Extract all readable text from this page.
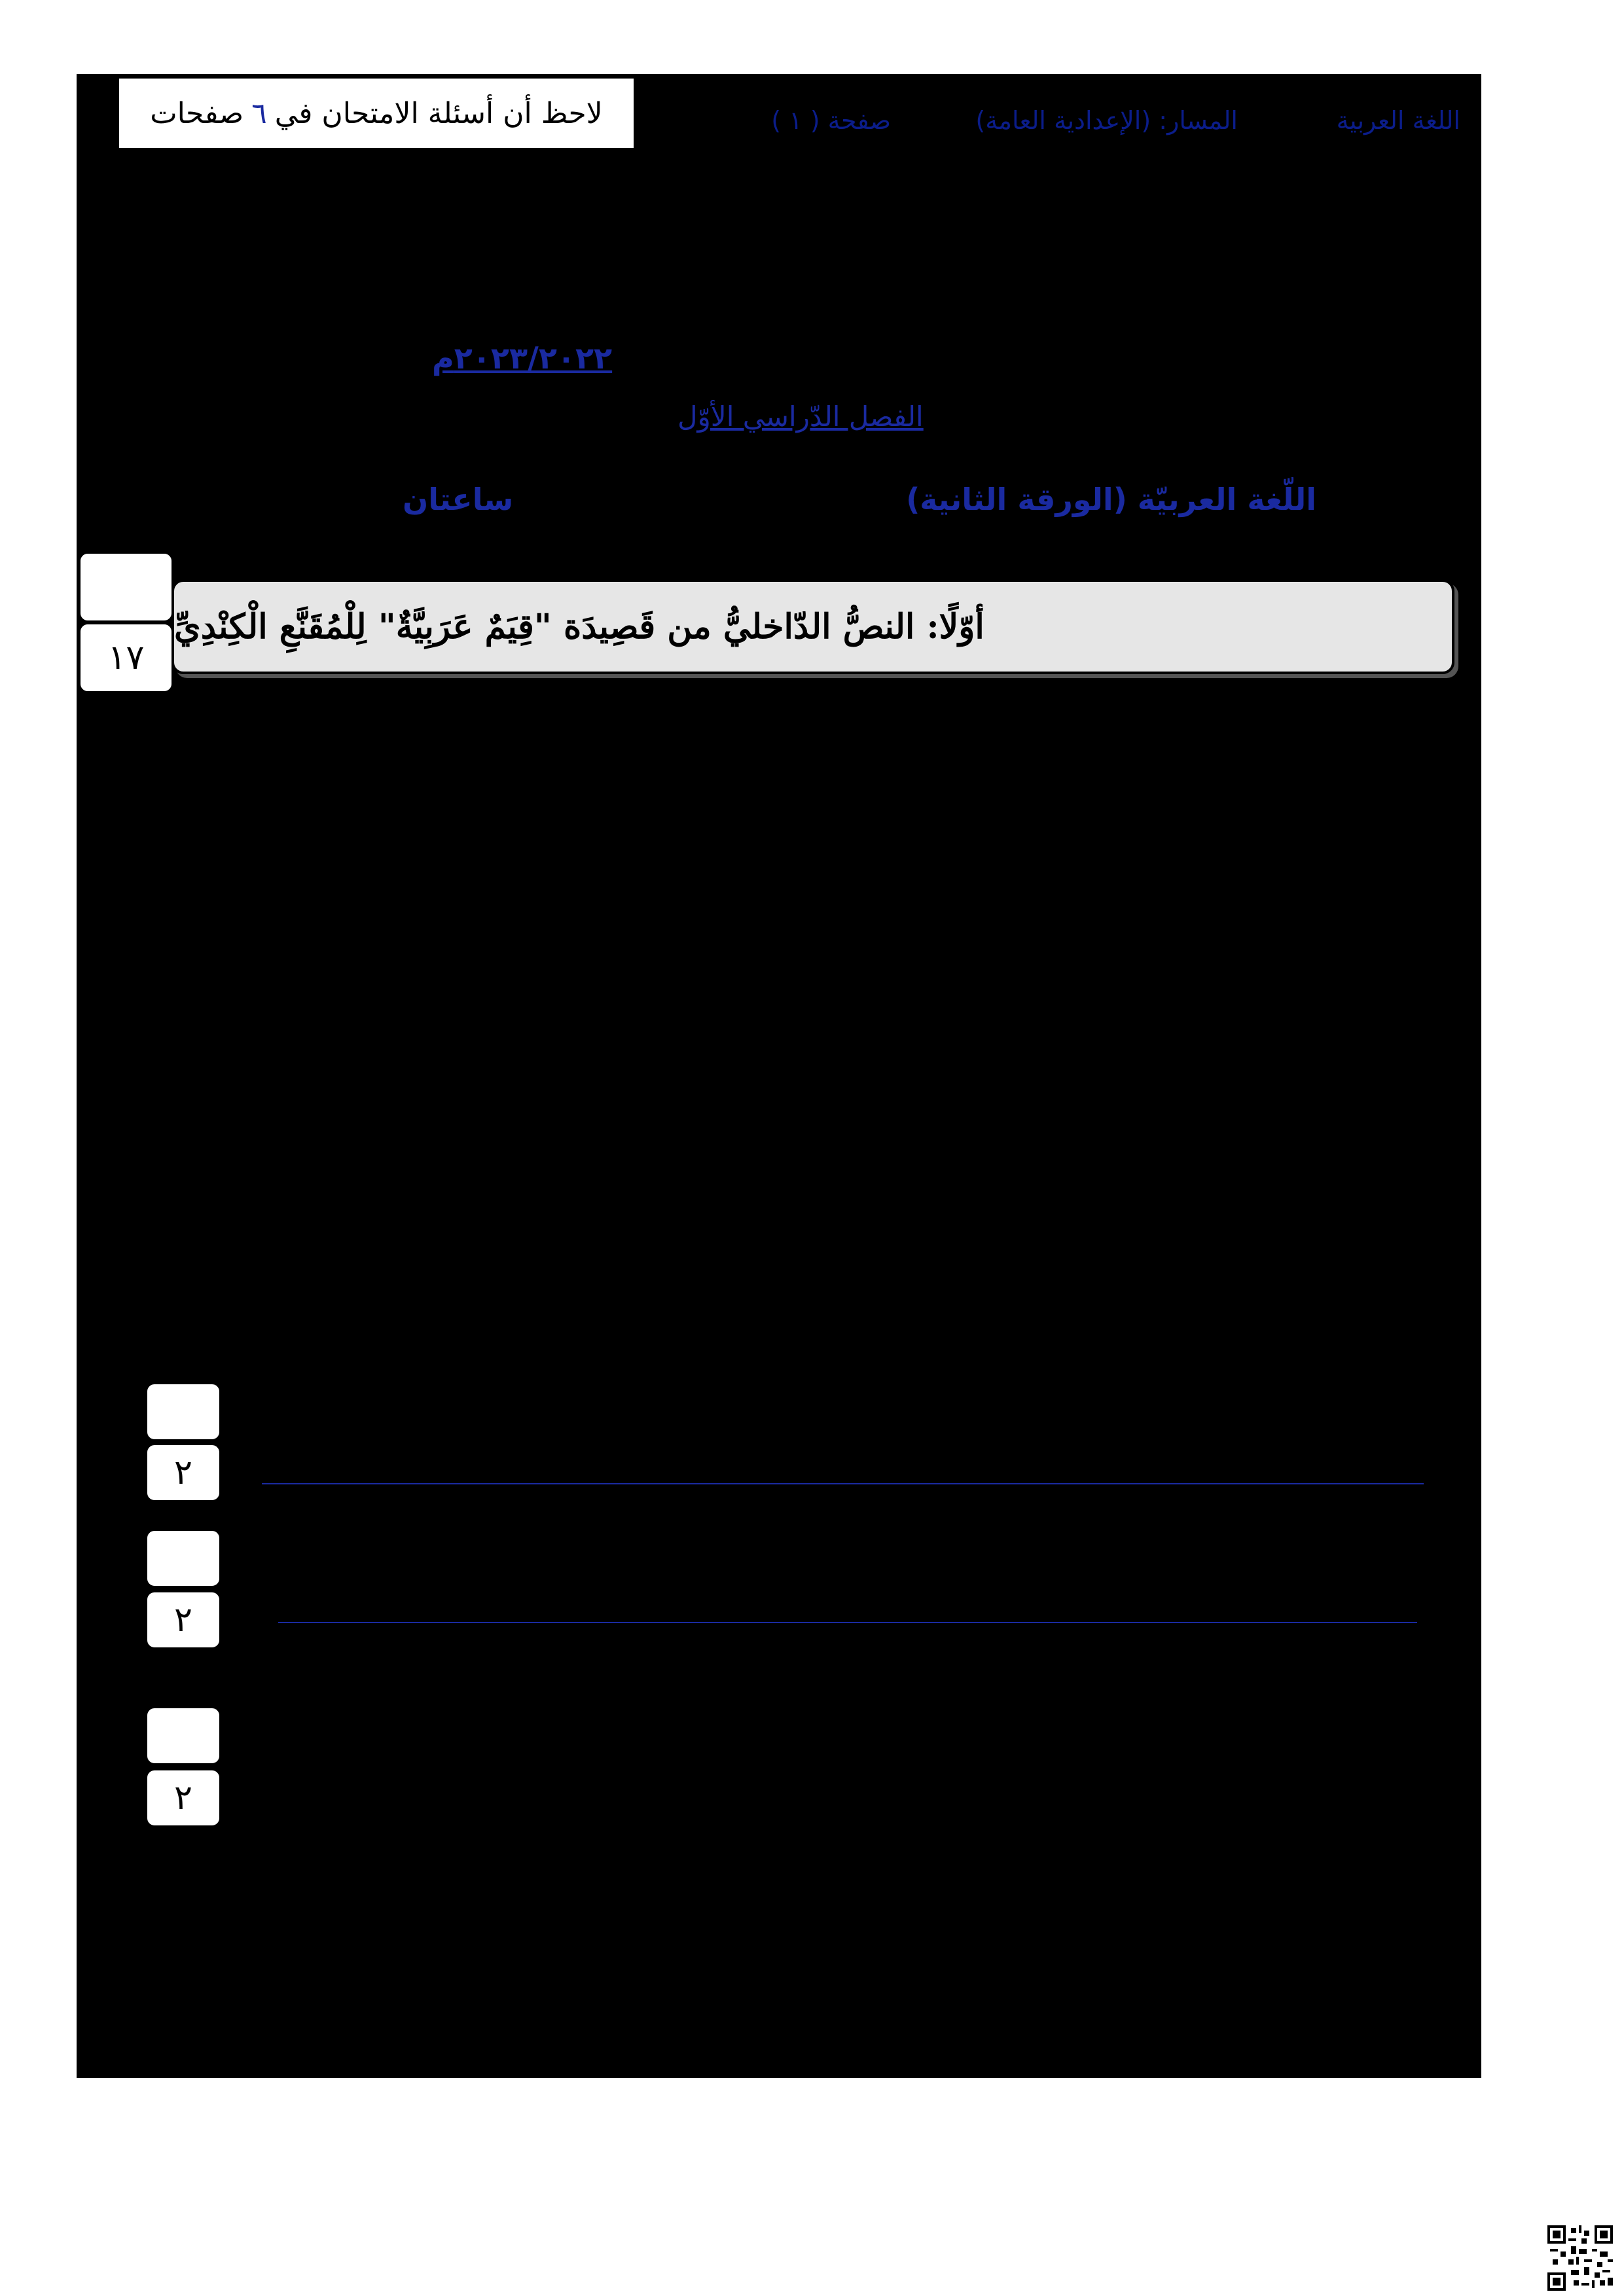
اللغة العربية
المسار: (الإعدادية العامة)
صفحة ( ١ )
لاحظ أن أسئلة الامتحان في
٦
صفحات
٢٠٢٣/٢٠٢٢م
الفصل الدّراسي الأوّل
اللّغة العربيّة (الورقة الثانية)
ساعتان
أوّلًا: النصُّ الدّاخليُّ من قَصِيدَة "قِيَمٌ عَرَبِيَّةٌ" لِلْمُقَنَّعِ الْكِنْدِيِّ
١٧
٢
٢
٢
